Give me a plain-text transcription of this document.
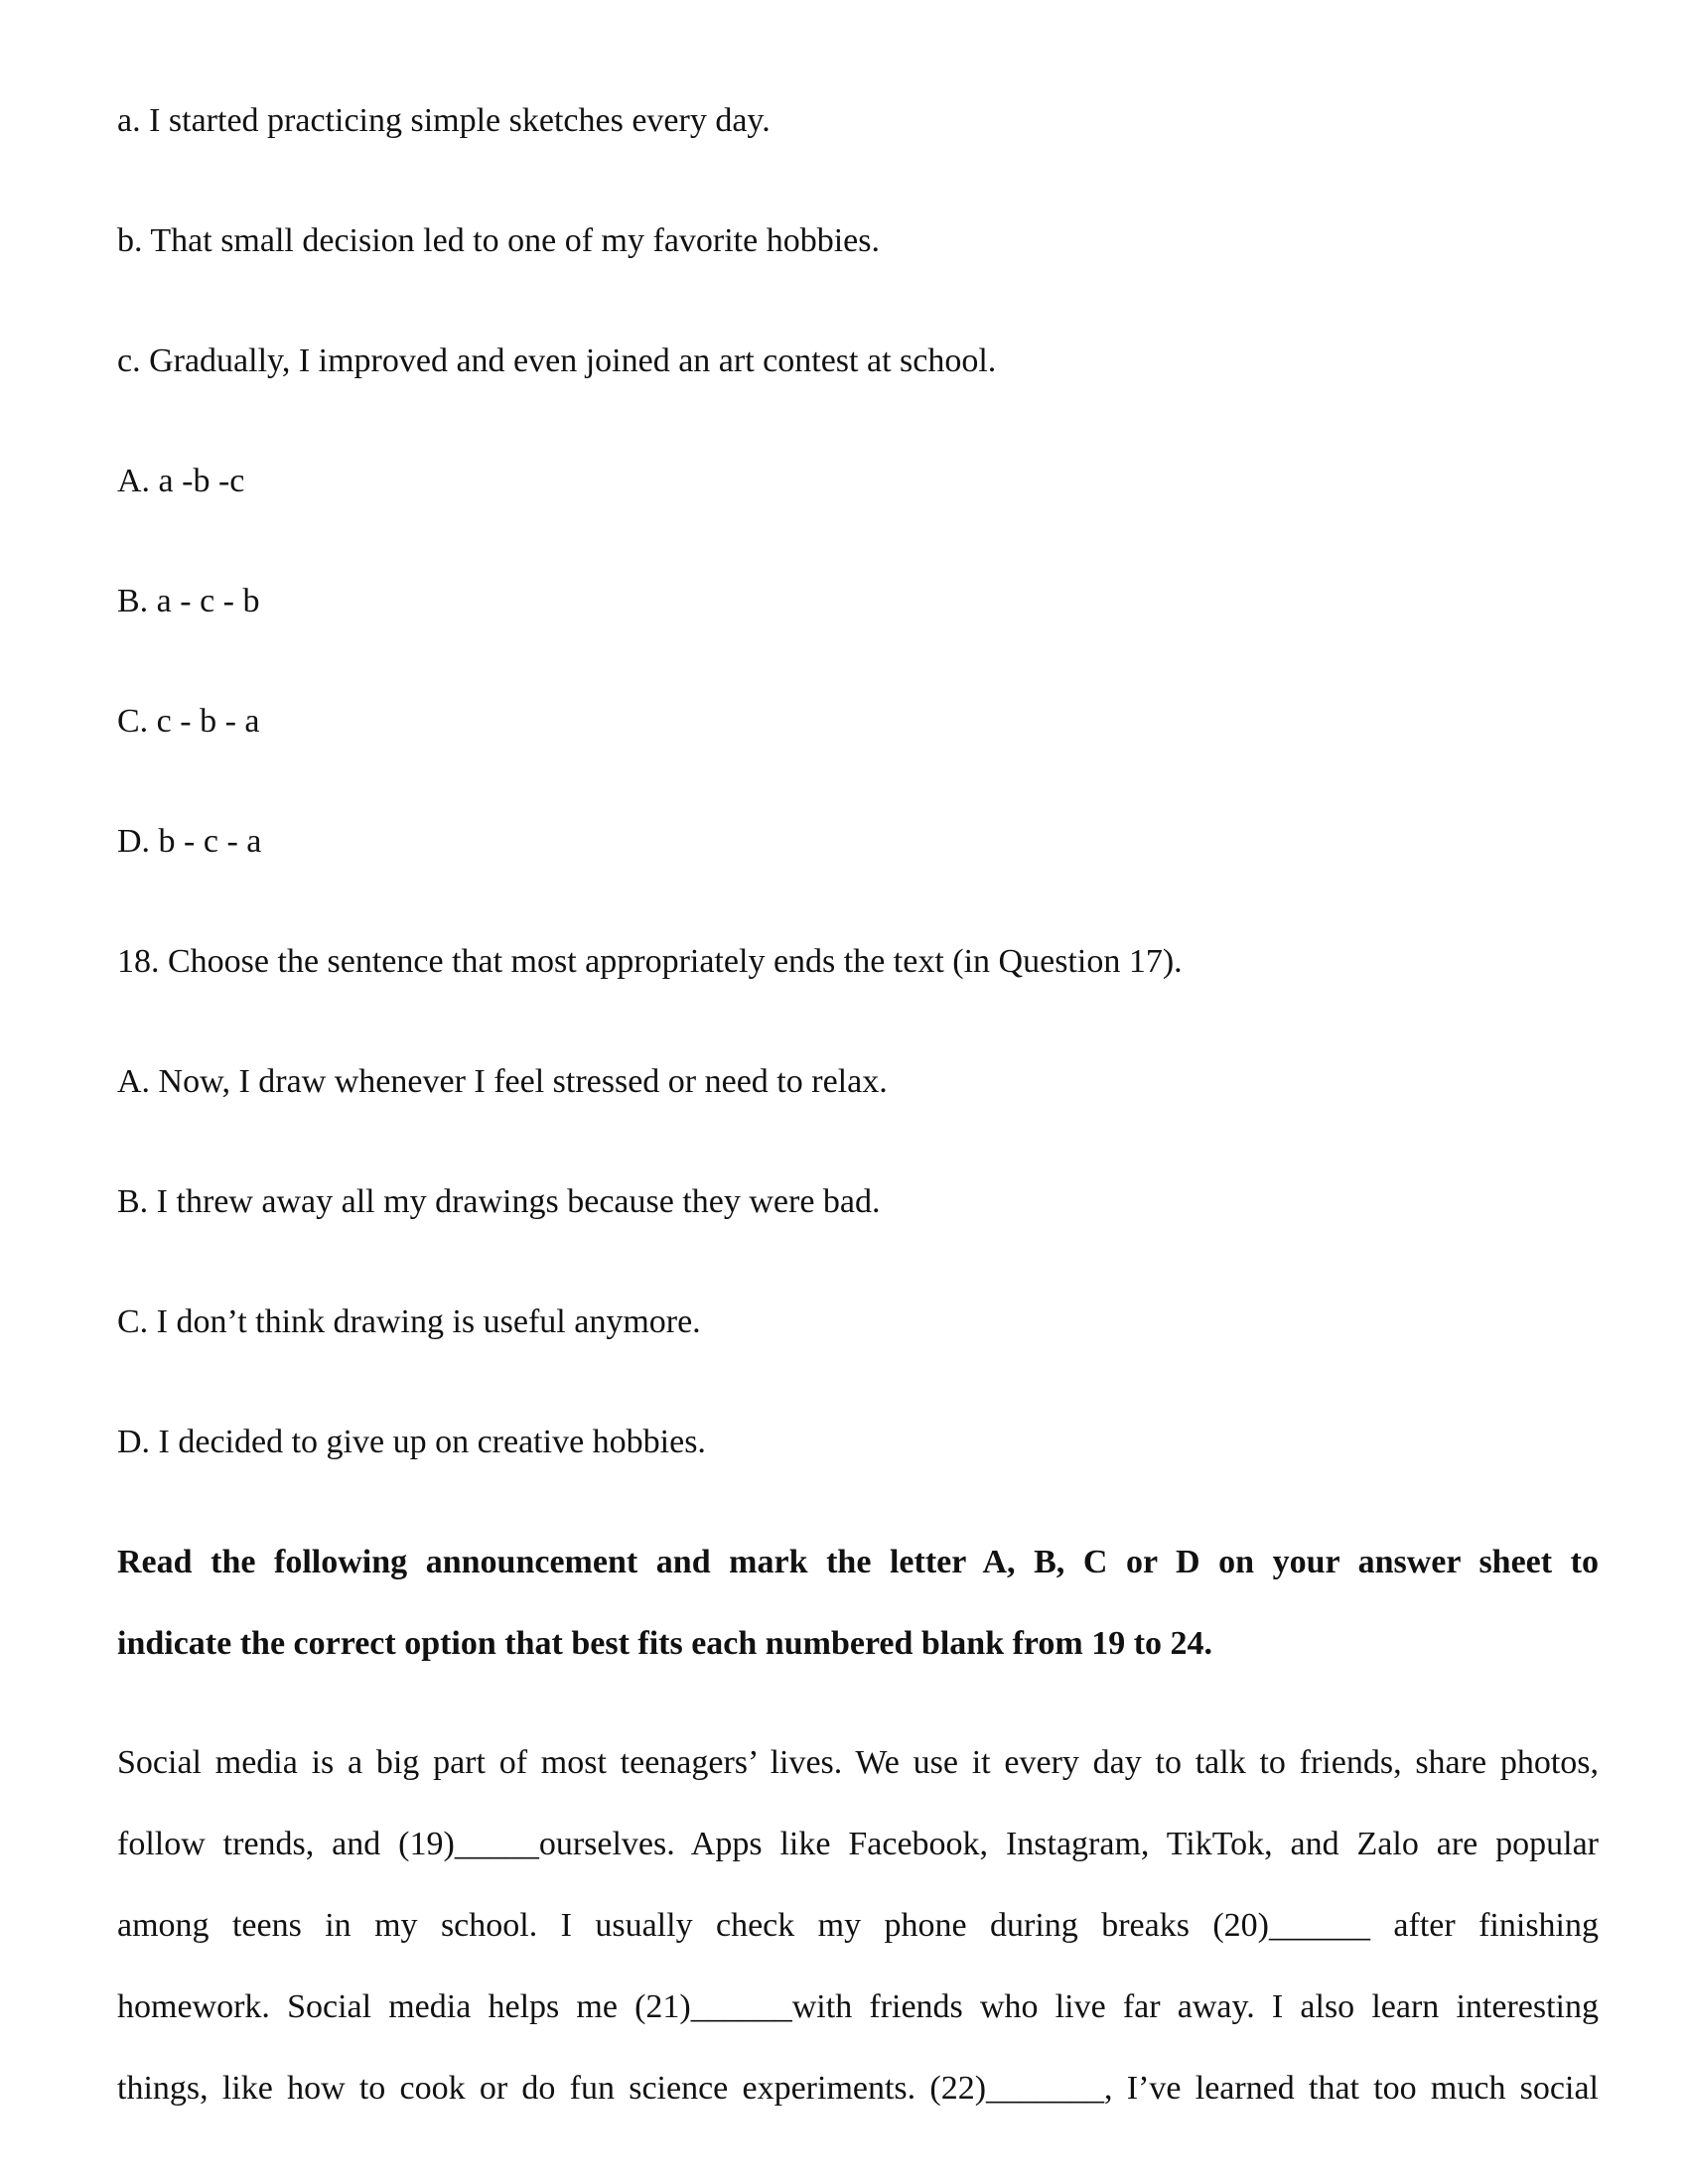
a. I started practicing simple sketches every day.
b. That small decision led to one of my favorite hobbies.
c. Gradually, I improved and even joined an art contest at school.
A. a -b -c
B. a - c - b
C. c - b - a
D. b - c - a
18. Choose the sentence that most appropriately ends the text (in Question 17).
A. Now, I draw whenever I feel stressed or need to relax.
B. I threw away all my drawings because they were bad.
C. I don’t think drawing is useful anymore.
D. I decided to give up on creative hobbies.
Read the following announcement and mark the letter A, B, C or D on your answer sheet to
indicate the correct option that best fits each numbered blank from 19 to 24.
Social media is a big part of most teenagers’ lives. We use it every day to talk to friends, share photos,
follow trends, and (19)_____ourselves. Apps like Facebook, Instagram, TikTok, and Zalo are popular
among teens in my school. I usually check my phone during breaks (20)______ after finishing
homework. Social media helps me (21)______with friends who live far away. I also learn interesting
things, like how to cook or do fun science experiments. (22)_______, I’ve learned that too much social
